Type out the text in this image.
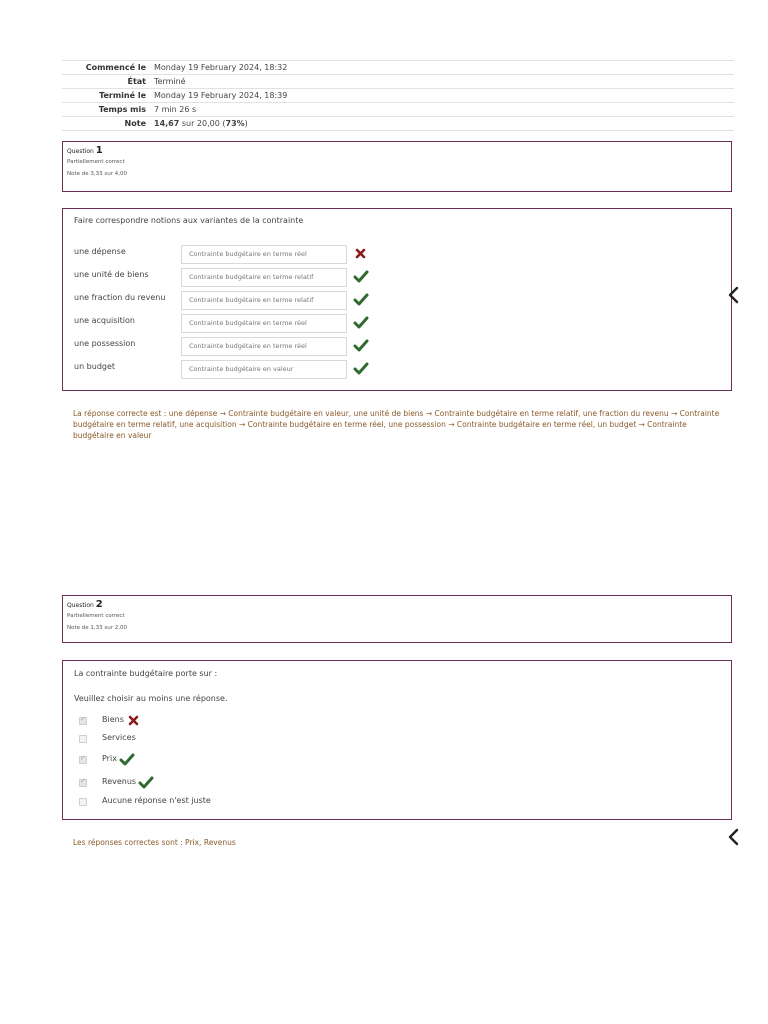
Commencé le	Monday 19 February 2024, 18:32
État	Terminé
Terminé le	Monday 19 February 2024, 18:39
Temps mis	7 min 26 s
Note	14,67 sur 20,00 (73%)
Question 1
Partiellement correct
Note de 3,33 sur 4,00
Faire correspondre notions aux variantes de la contrainte
une dépense	Contrainte budgétaire en terme réel
une unité de biens	Contrainte budgétaire en terme relatif
une fraction du revenu	Contrainte budgétaire en terme relatif
une acquisition	Contrainte budgétaire en terme réel
une possession	Contrainte budgétaire en terme réel
un budget	Contrainte budgétaire en valeur
La réponse correcte est : une dépense → Contrainte budgétaire en valeur, une unité de biens → Contrainte budgétaire en terme relatif, une fraction du revenu → Contrainte budgétaire en terme relatif, une acquisition → Contrainte budgétaire en terme réel, une possession → Contrainte budgétaire en terme réel, un budget → Contrainte budgétaire en valeur
Question 2
Partiellement correct
Note de 1,33 sur 2,00
La contrainte budgétaire porte sur :
Veuillez choisir au moins une réponse.
✓
Biens
Services
✓
Prix
✓
Revenus
Aucune réponse n'est juste
Les réponses correctes sont : Prix, Revenus
